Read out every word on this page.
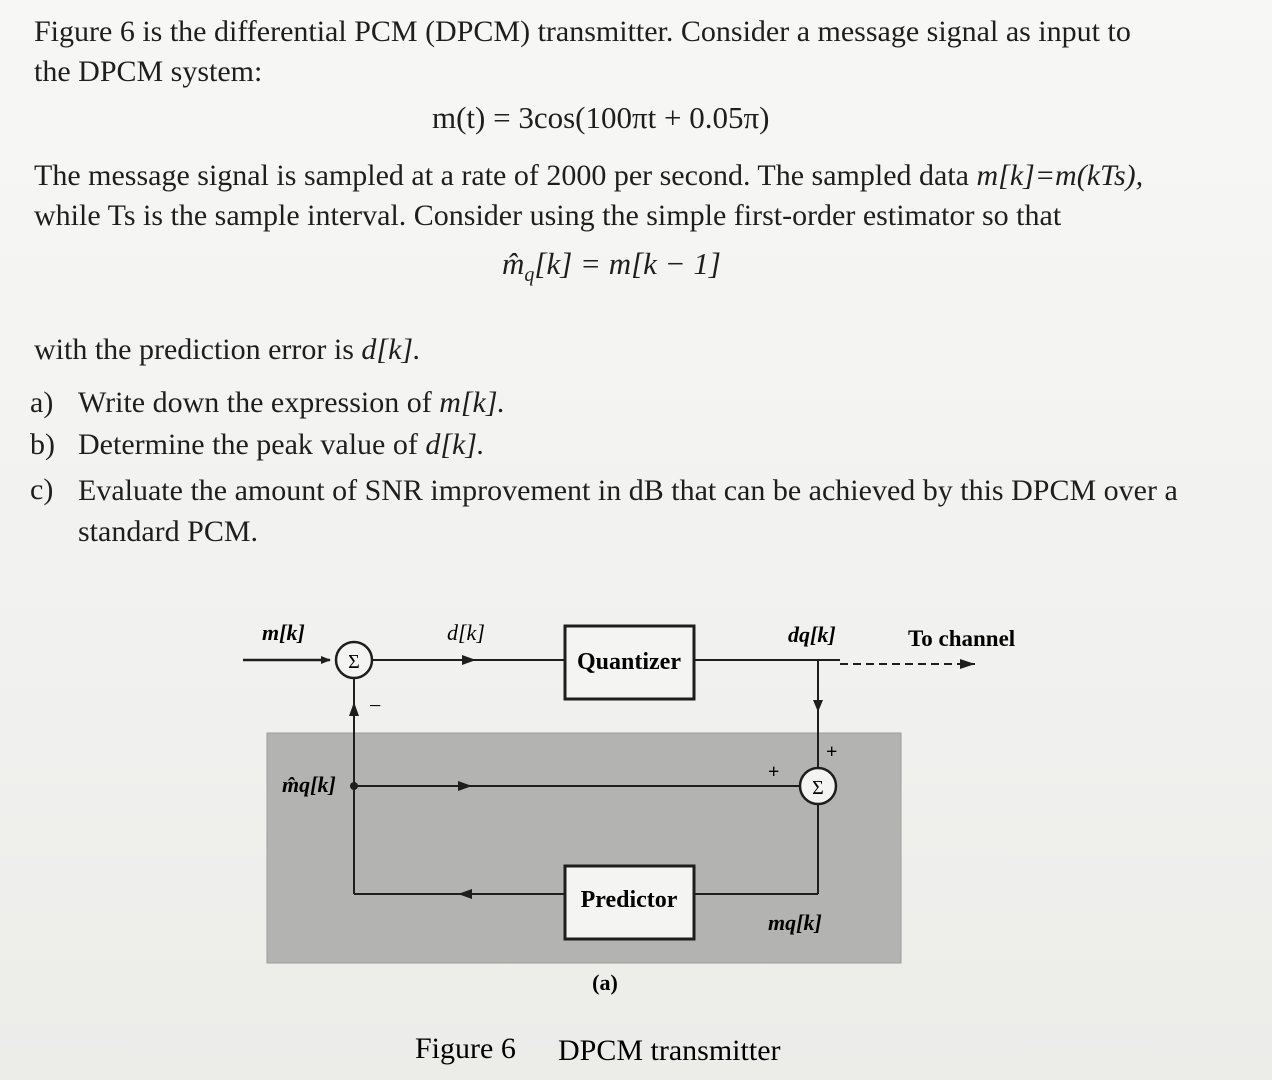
Figure 6 is the differential PCM (DPCM) transmitter. Consider a message signal as input to
the DPCM system:

m(t) = 3cos(100πt + 0.05π)

The message signal is sampled at a rate of 2000 per second. The sampled data m[k]=m(kTs),
while Ts is the sample interval. Consider using the simple first-order estimator so that

$m̂_q[k] = m[k - 1]$

with the prediction error is d[k].

a) Write down the expression of m[k].
b) Determine the peak value of d[k].
c) Evaluate the amount of SNR improvement in dB that can be achieved by this DPCM over a standard PCM.
m[k]
Σ
−
d[k]
Quantizer
dq[k]	To channel
+
Σ
+
m̂q[k]
mq[k]
Predictor
(a)
Figure 6 DPCM transmitter
